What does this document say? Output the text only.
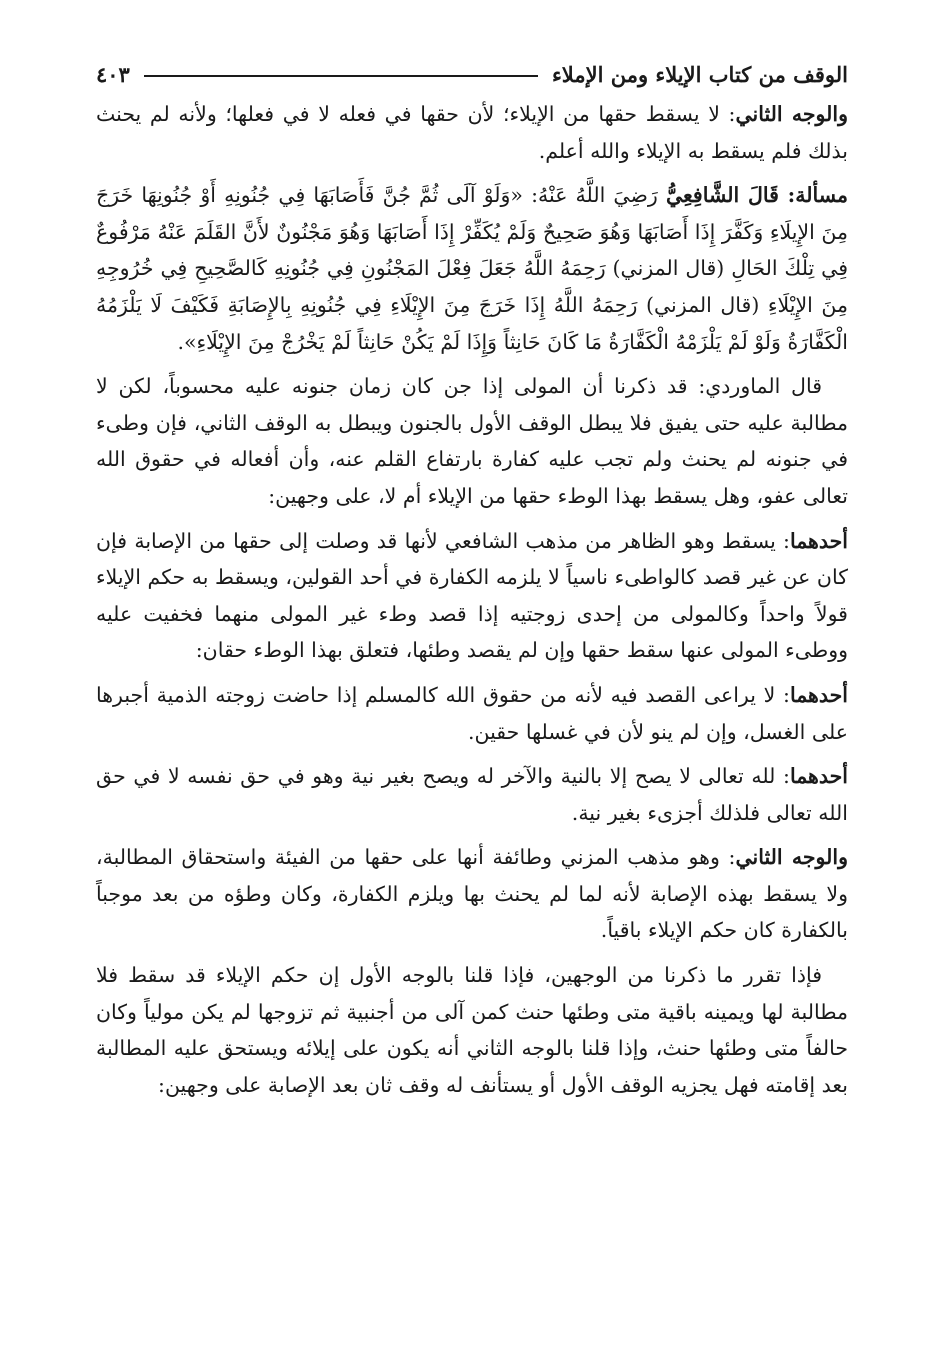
الوقف من كتاب الإيلاء ومن الإملاء
٤٠٣

والوجه الثاني: لا يسقط حقها من الإيلاء؛ لأن حقها في فعله لا في فعلها؛ ولأنه لم يحنث بذلك فلم يسقط به الإيلاء والله أعلم.

مسألة: قَالَ الشَّافِعِيُّ رَضِيَ اللَّهُ عَنْهُ: «وَلَوْ آلَى ثُمَّ جُنَّ فَأَصَابَهَا فِي جُنُونِهِ أَوْ جُنُونِهَا خَرَجَ مِنَ الإِيلَاءِ وَكَفَّرَ إِذَا أَصَابَهَا وَهُوَ صَحِيحٌ وَلَمْ يُكَفِّرْ إِذَا أَصَابَهَا وَهُوَ مَجْنُونٌ لأَنَّ القَلَمَ عَنْهُ مَرْفُوعٌ فِي تِلْكَ الحَالِ (قال المزني) رَحِمَهُ اللَّهُ جَعَلَ فِعْلَ المَجْنُونِ فِي جُنُونِهِ كَالصَّحِيحِ فِي خُرُوجِهِ مِنَ الإِيْلَاءِ (قال المزني) رَحِمَهُ اللَّهُ إِذَا خَرَجَ مِنَ الإِيْلَاءِ فِي جُنُونِهِ بِالإِصَابَةِ فَكَيْفَ لَا يَلْزَمُهُ الْكَفَّارَةُ وَلَوْ لَمْ يَلْزَمْهُ الْكَفَّارَةُ مَا كَانَ حَانِثاً وَإِذَا لَمْ يَكُنْ حَانِثاً لَمْ يَخْرُجْ مِنَ الإِيْلَاءِ».

قال الماوردي: قد ذكرنا أن المولى إذا جن كان زمان جنونه عليه محسوباً، لكن لا مطالبة عليه حتى يفيق فلا يبطل الوقف الأول بالجنون ويبطل به الوقف الثاني، فإن وطىء في جنونه لم يحنث ولم تجب عليه كفارة بارتفاع القلم عنه، وأن أفعاله في حقوق الله تعالى عفو، وهل يسقط بهذا الوطء حقها من الإيلاء أم لا، على وجهين:

أحدهما: يسقط وهو الظاهر من مذهب الشافعي لأنها قد وصلت إلى حقها من الإصابة فإن كان عن غير قصد كالواطىء ناسياً لا يلزمه الكفارة في أحد القولين، ويسقط به حكم الإيلاء قولاً واحداً وكالمولى من إحدى زوجتيه إذا قصد وطء غير المولى منهما فخفيت عليه ووطىء المولى عنها سقط حقها وإن لم يقصد وطئها، فتعلق بهذا الوطء حقان:

أحدهما: لا يراعى القصد فيه لأنه من حقوق الله كالمسلم إذا حاضت زوجته الذمية أجبرها على الغسل، وإن لم ينو لأن في غسلها حقين.

أحدهما: لله تعالى لا يصح إلا بالنية والآخر له ويصح بغير نية وهو في حق نفسه لا في حق الله تعالى فلذلك أجزىء بغير نية.

والوجه الثاني: وهو مذهب المزني وطائفة أنها على حقها من الفيئة واستحقاق المطالبة، ولا يسقط بهذه الإصابة لأنه لما لم يحنث بها ويلزم الكفارة، وكان وطؤه من بعد موجباً بالكفارة كان حكم الإيلاء باقياً.

فإذا تقرر ما ذكرنا من الوجهين، فإذا قلنا بالوجه الأول إن حكم الإيلاء قد سقط فلا مطالبة لها ويمينه باقية متى وطئها حنث كمن آلى من أجنبية ثم تزوجها لم يكن مولياً وكان حالفاً متى وطئها حنث، وإذا قلنا بالوجه الثاني أنه يكون على إيلائه ويستحق عليه المطالبة بعد إقامته فهل يجزيه الوقف الأول أو يستأنف له وقف ثان بعد الإصابة على وجهين:
